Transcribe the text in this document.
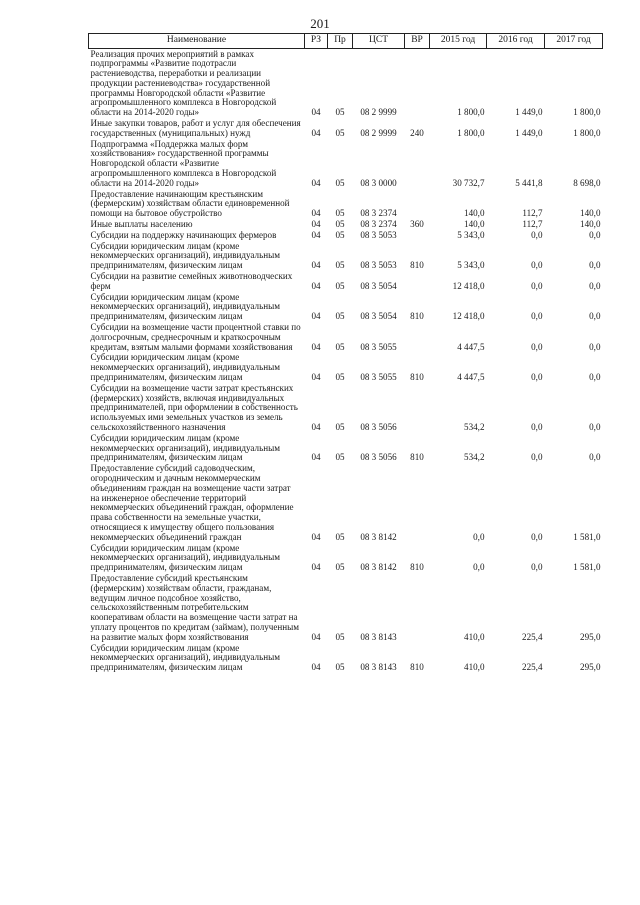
201
Наименование	РЗ	Пр	ЦСТ	ВР	2015 год	2016 год	2017 год
Реализация прочих мероприятий в рамках подпрограммы «Развитие подотрасли растениеводства, переработки и реализации продукции растениеводства» государственной программы Новгородской области «Развитие агропромышленного комплекса в Новгородской области на 2014-2020 годы»	04	05	08 2 9999		1 800,0	1 449,0	1 800,0
Иные закупки товаров, работ и услуг для обеспечения государственных (муниципальных) нужд	04	05	08 2 9999	240	1 800,0	1 449,0	1 800,0
Подпрограмма «Поддержка малых форм хозяйствования» государственной программы Новгородской области «Развитие агропромышленного комплекса в Новгородской области на 2014-2020 годы»	04	05	08 3 0000		30 732,7	5 441,8	8 698,0
Предоставление начинающим крестьянским (фермерским) хозяйствам области единовременной помощи на бытовое обустройство	04	05	08 3 2374		140,0	112,7	140,0
Иные выплаты населению	04	05	08 3 2374	360	140,0	112,7	140,0
Субсидии на поддержку начинающих фермеров	04	05	08 3 5053		5 343,0	0,0	0,0
Субсидии юридическим лицам (кроме некоммерческих организаций), индивидуальным предпринимателям, физическим лицам	04	05	08 3 5053	810	5 343,0	0,0	0,0
Субсидии на развитие семейных животноводческих ферм	04	05	08 3 5054		12 418,0	0,0	0,0
Субсидии юридическим лицам (кроме некоммерческих организаций), индивидуальным предпринимателям, физическим лицам	04	05	08 3 5054	810	12 418,0	0,0	0,0
Субсидии на возмещение части процентной ставки по долгосрочным, среднесрочным и краткосрочным кредитам, взятым малыми формами хозяйствования	04	05	08 3 5055		4 447,5	0,0	0,0
Субсидии юридическим лицам (кроме некоммерческих организаций), индивидуальным предпринимателям, физическим лицам	04	05	08 3 5055	810	4 447,5	0,0	0,0
Субсидии на возмещение части затрат крестьянских (фермерских) хозяйств, включая индивидуальных предпринимателей, при оформлении в собственность используемых ими земельных участков из земель сельскохозяйственного назначения	04	05	08 3 5056		534,2	0,0	0,0
Субсидии юридическим лицам (кроме некоммерческих организаций), индивидуальным предпринимателям, физическим лицам	04	05	08 3 5056	810	534,2	0,0	0,0
Предоставление субсидий садоводческим, огородническим и дачным некоммерческим объединениям граждан на возмещение части затрат на инженерное обеспечение территорий некоммерческих объединений граждан, оформление права собственности на земельные участки, относящиеся к имуществу общего пользования некоммерческих объединений граждан	04	05	08 3 8142		0,0	0,0	1 581,0
Субсидии юридическим лицам (кроме некоммерческих организаций), индивидуальным предпринимателям, физическим лицам	04	05	08 3 8142	810	0,0	0,0	1 581,0
Предоставление субсидий крестьянским (фермерским) хозяйствам области, гражданам, ведущим личное подсобное хозяйство, сельскохозяйственным потребительским кооперативам области на возмещение части затрат на уплату процентов по кредитам (займам), полученным на развитие малых форм хозяйствования	04	05	08 3 8143		410,0	225,4	295,0
Субсидии юридическим лицам (кроме некоммерческих организаций), индивидуальным предпринимателям, физическим лицам	04	05	08 3 8143	810	410,0	225,4	295,0
